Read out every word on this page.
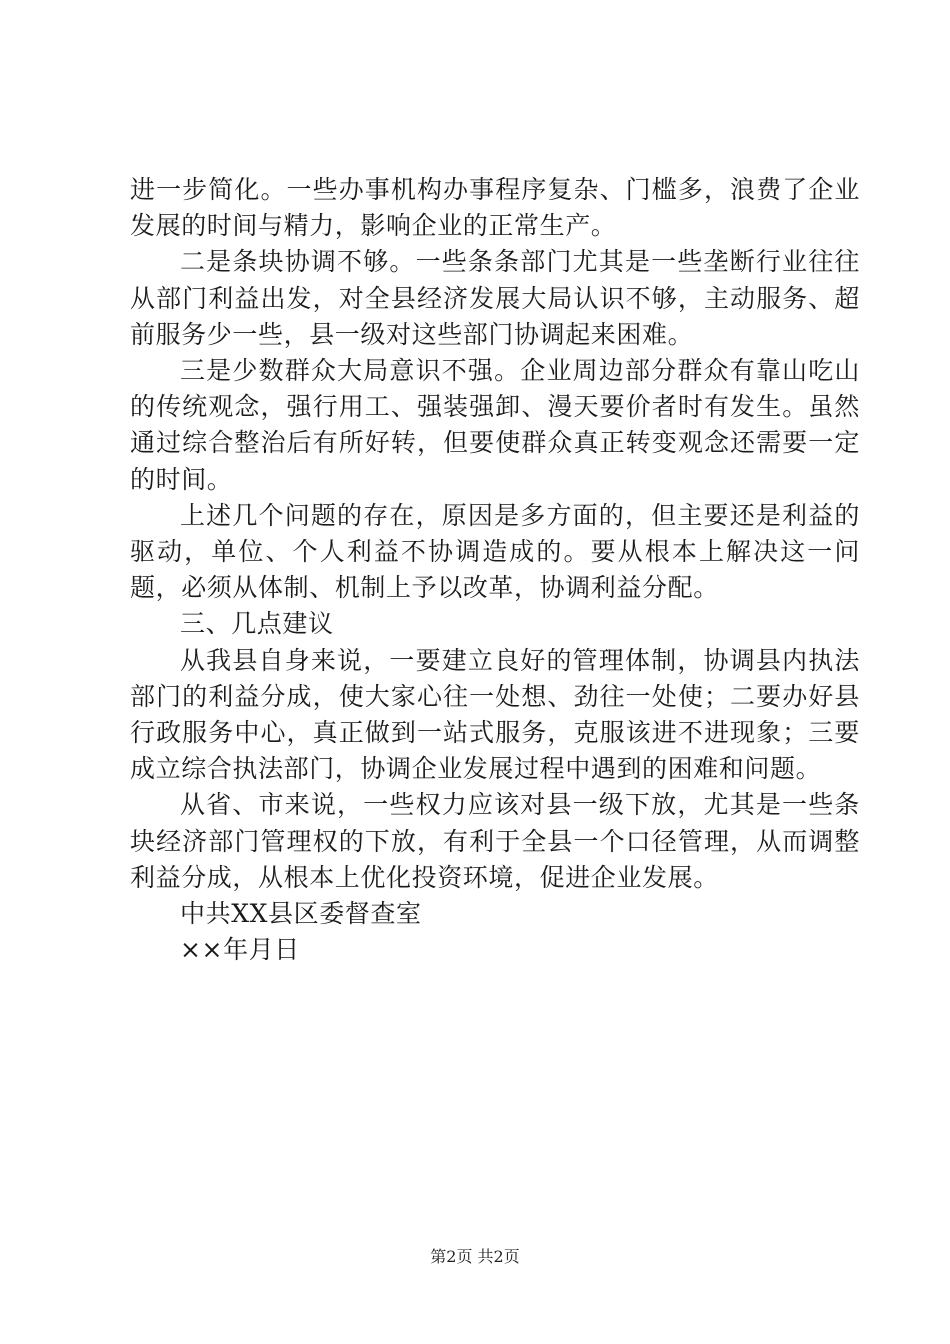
进一步简化。一些办事机构办事程序复杂、门槛多，浪费了企业发展的时间与精力，影响企业的正常生产。

二是条块协调不够。一些条条部门尤其是一些垄断行业往往从部门利益出发，对全县经济发展大局认识不够，主动服务、超前服务少一些，县一级对这些部门协调起来困难。

三是少数群众大局意识不强。企业周边部分群众有靠山吃山的传统观念，强行用工、强装强卸、漫天要价者时有发生。虽然通过综合整治后有所好转，但要使群众真正转变观念还需要一定的时间。

上述几个问题的存在，原因是多方面的，但主要还是利益的驱动，单位、个人利益不协调造成的。要从根本上解决这一问题，必须从体制、机制上予以改革，协调利益分配。

三、几点建议

从我县自身来说，一要建立良好的管理体制，协调县内执法部门的利益分成，使大家心往一处想、劲往一处使；二要办好县行政服务中心，真正做到一站式服务，克服该进不进现象；三要成立综合执法部门，协调企业发展过程中遇到的困难和问题。

从省、市来说，一些权力应该对县一级下放，尤其是一些条块经济部门管理权的下放，有利于全县一个口径管理，从而调整利益分成，从根本上优化投资环境，促进企业发展。

中共XX县区委督查室

××年月日

第2页 共2页
